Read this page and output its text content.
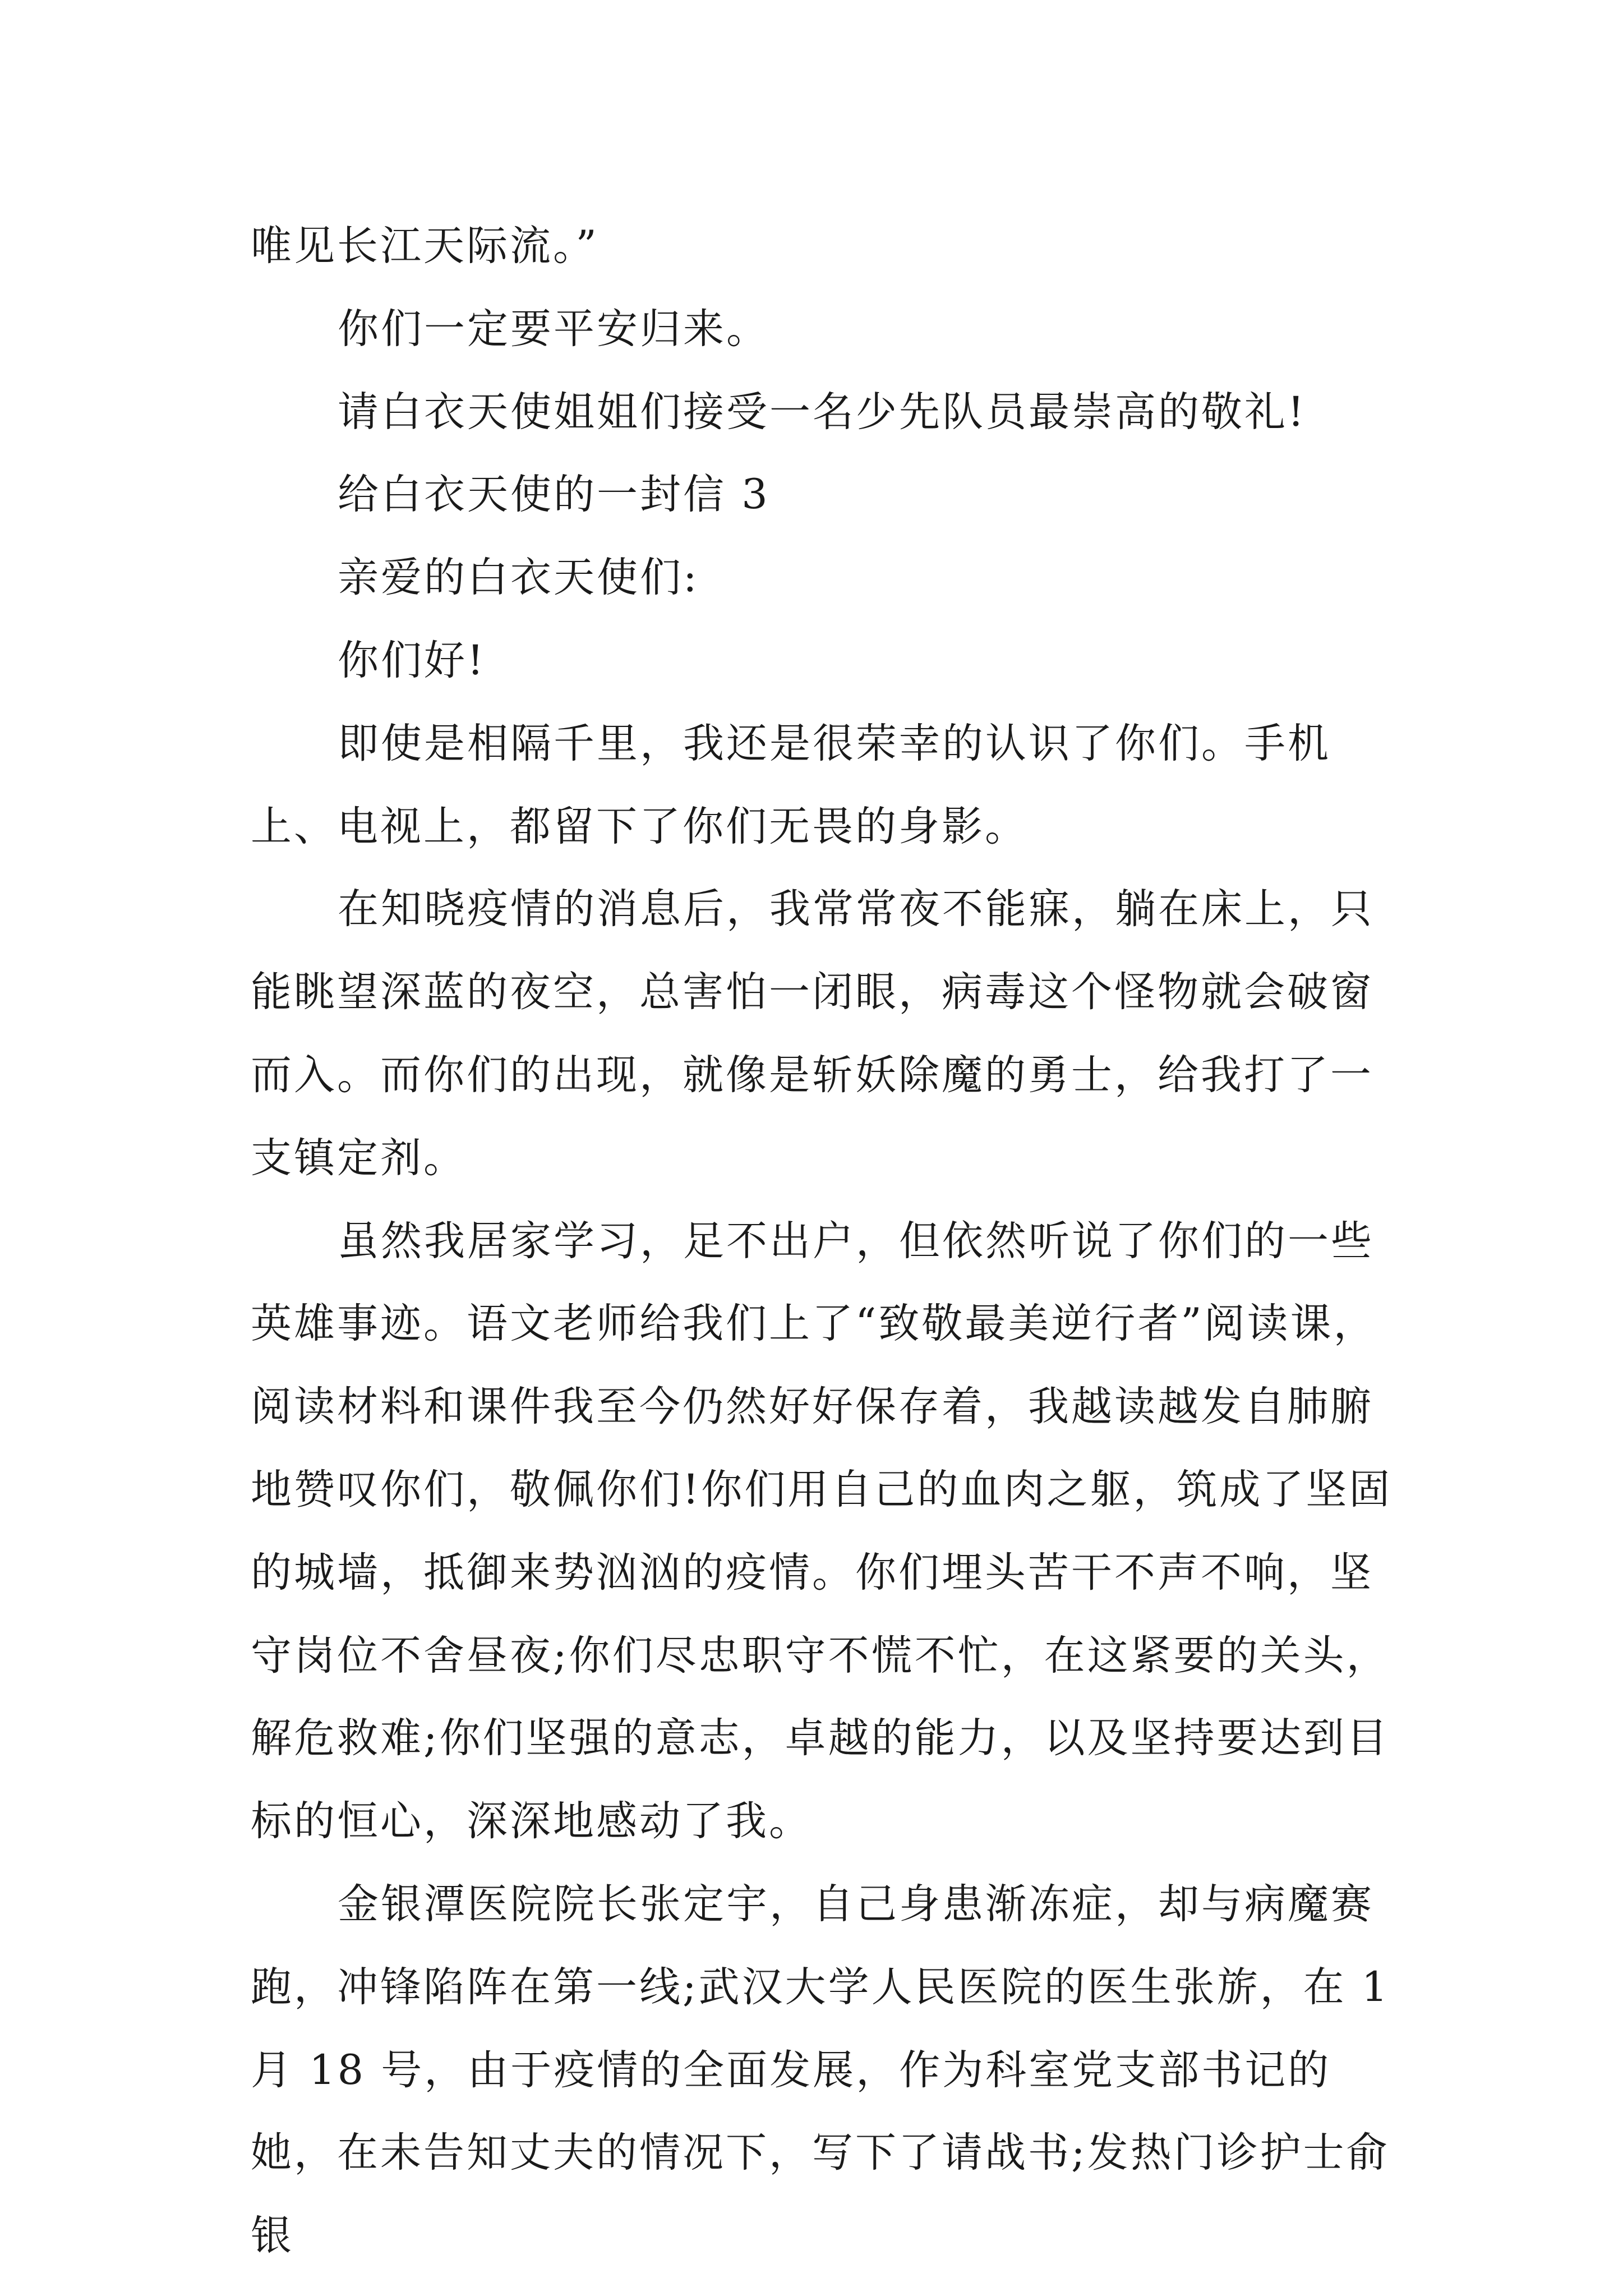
唯见长江天际流。”

你们一定要平安归来。

请白衣天使姐姐们接受一名少先队员最崇高的敬礼!

给白衣天使的一封信 3

亲爱的白衣天使们:

你们好!

即使是相隔千里，我还是很荣幸的认识了你们。手机上、电视上，都留下了你们无畏的身影。

在知晓疫情的消息后，我常常夜不能寐，躺在床上，只能眺望深蓝的夜空，总害怕一闭眼，病毒这个怪物就会破窗而入。而你们的出现，就像是斩妖除魔的勇士，给我打了一支镇定剂。

虽然我居家学习，足不出户，但依然听说了你们的一些英雄事迹。语文老师给我们上了“致敬最美逆行者”阅读课，阅读材料和课件我至今仍然好好保存着，我越读越发自肺腑地赞叹你们，敬佩你们!你们用自己的血肉之躯，筑成了坚固的城墙，抵御来势汹汹的疫情。你们埋头苦干不声不响，坚守岗位不舍昼夜;你们尽忠职守不慌不忙，在这紧要的关头，解危救难;你们坚强的意志，卓越的能力，以及坚持要达到目标的恒心，深深地感动了我。

金银潭医院院长张定宇，自己身患渐冻症，却与病魔赛跑，冲锋陷阵在第一线;武汉大学人民医院的医生张旂，在 1 月 18 号，由于疫情的全面发展，作为科室党支部书记的她，在未告知丈夫的情况下，写下了请战书;发热门诊护士俞银
